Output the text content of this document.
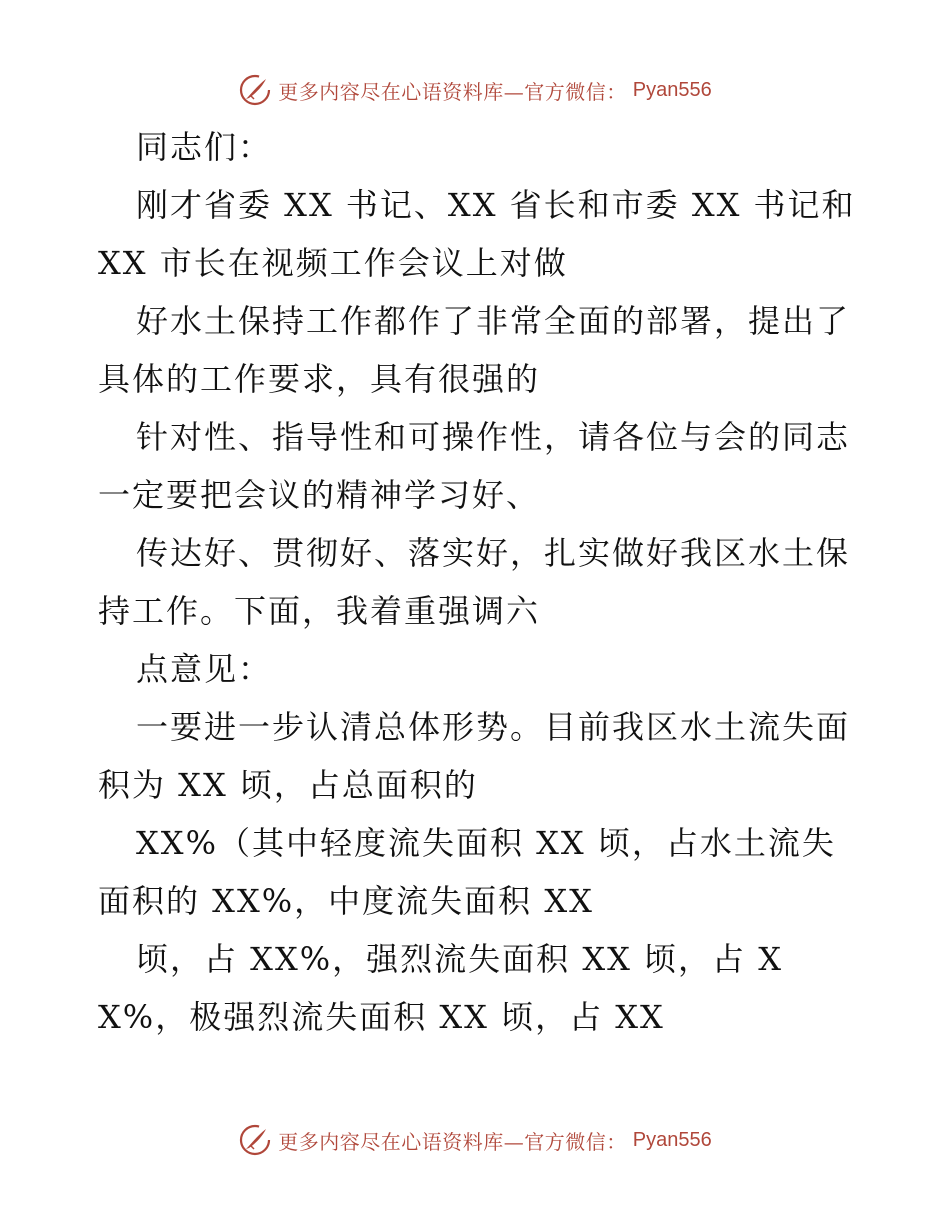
更多内容尽在心语资料库—官方微信： Pyan556

同志们：

刚才省委 XX 书记、XX 省长和市委 XX 书记和 XX 市长在视频工作会议上对做

好水土保持工作都作了非常全面的部署，提出了具体的工作要求，具有很强的

针对性、指导性和可操作性，请各位与会的同志一定要把会议的精神学习好、

传达好、贯彻好、落实好，扎实做好我区水土保持工作。下面，我着重强调六

点意见：

一要进一步认清总体形势。目前我区水土流失面积为 XX 顷，占总面积的

XX%（其中轻度流失面积 XX 顷，占水土流失面积的 XX%，中度流失面积 XX

顷，占 XX%，强烈流失面积 XX 顷，占 XX%，极强烈流失面积 XX 顷，占 XX

更多内容尽在心语资料库—官方微信： Pyan556
